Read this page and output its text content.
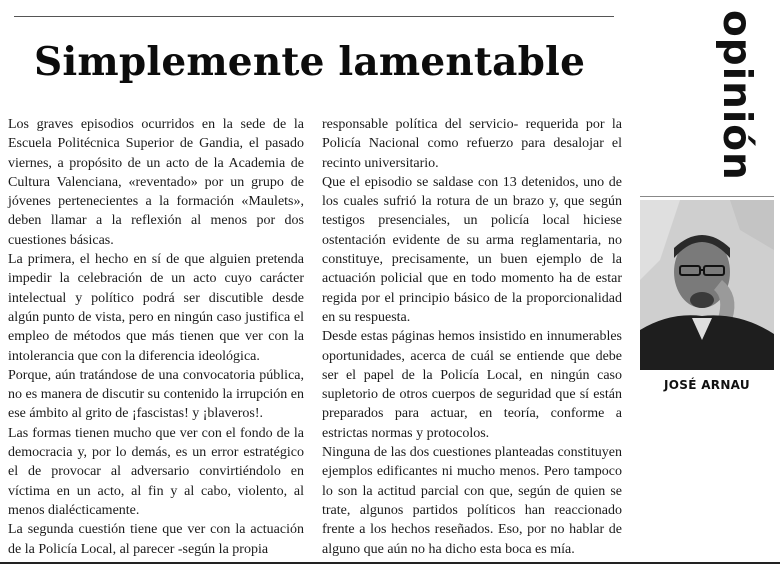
Simplemente lamentable	opinión

Los graves episodios ocurridos en la sede de la Escuela Politécnica Superior de Gandia, el pasado viernes, a propósito de un acto de la Academia de Cultura Valenciana, «reventado» por un grupo de jóvenes pertenecientes a la formación «Maulets», deben llamar a la reflexión al menos por dos cuestiones básicas.

La primera, el hecho en sí de que alguien pretenda impedir la celebración de un acto cuyo carácter intelectual y político podrá ser discutible desde algún punto de vista, pero en ningún caso justifica el empleo de métodos que más tienen que ver con la intolerancia que con la diferencia ideológica.

Porque, aún tratándose de una convocatoria pública, no es manera de discutir su contenido la irrupción en ese ámbito al grito de ¡fascistas! y ¡blaveros!.

Las formas tienen mucho que ver con el fondo de la democracia y, por lo demás, es un error estratégico el de provocar al adversario convirtiéndolo en víctima en un acto, al fin y al cabo, violento, al menos dialécticamente.

La segunda cuestión tiene que ver con la actuación de la Policía Local, al parecer -según la propia

responsable política del servicio- requerida por la Policía Nacional como refuerzo para desalojar el recinto universitario.

Que el episodio se saldase con 13 detenidos, uno de los cuales sufrió la rotura de un brazo y, que según testigos presenciales, un policía local hiciese ostentación evidente de su arma reglamentaria, no constituye, precisamente, un buen ejemplo de la actuación policial que en todo momento ha de estar regida por el principio básico de la proporcionalidad en su respuesta.

Desde estas páginas hemos insistido en innumerables oportunidades, acerca de cuál se entiende que debe ser el papel de la Policía Local, en ningún caso supletorio de otros cuerpos de seguridad que sí están preparados para actuar, en teoría, conforme a estrictas normas y protocolos.

Ninguna de las dos cuestiones planteadas constituyen ejemplos edificantes ni mucho menos. Pero tampoco lo son la actitud parcial con que, según de quien se trate, algunos partidos políticos han reaccionado frente a los hechos reseñados. Eso, por no hablar de alguno que aún no ha dicho esta boca es mía.

JOSÉ ARNAU
